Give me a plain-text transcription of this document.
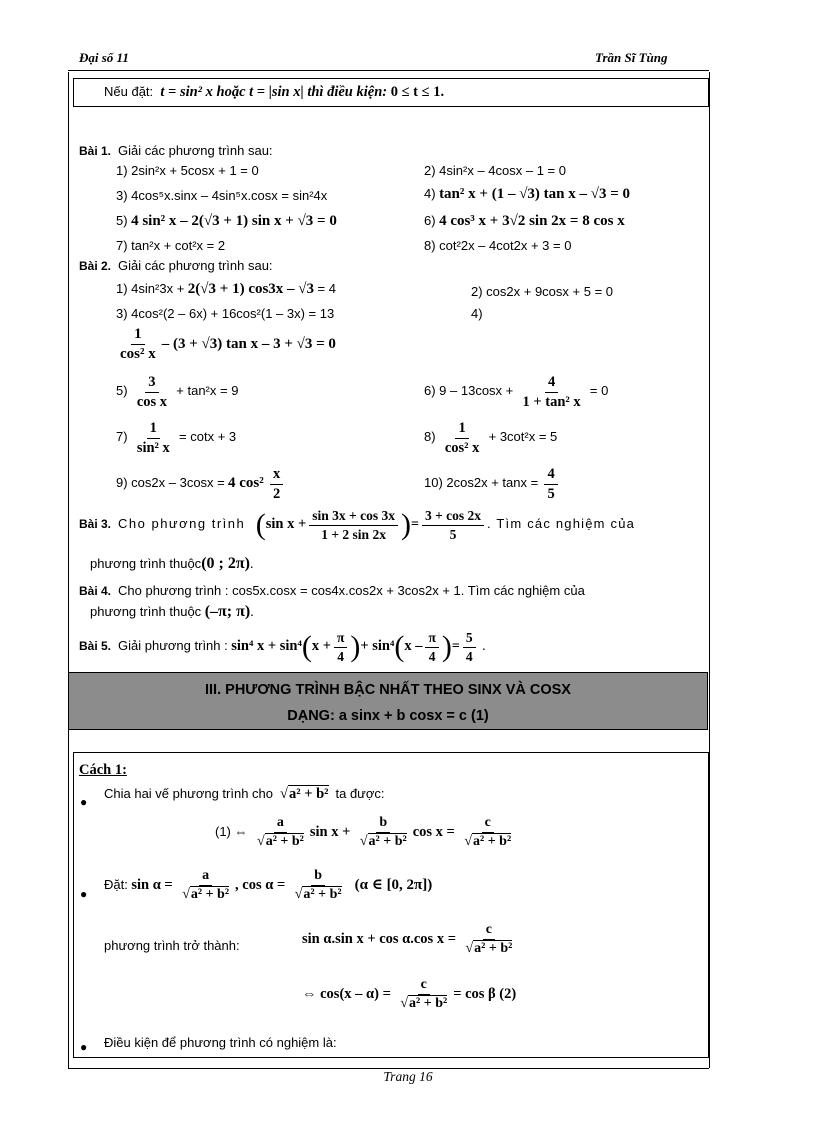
Đại số 11	Trần Sĩ Tùng
Nếu đặt: t = sin² x hoặc t = |sin x| thì điều kiện: 0 ≤ t ≤ 1.
Bài 1. Giải các phương trình sau:
1) 2sin²x + 5cosx + 1 = 0	2) 4sin²x – 4cosx – 1 = 0
3) 4cos⁵x.sinx – 4sin⁵x.cosx = sin²4x	4) tan² x + (1 – √3) tan x – √3 = 0
5) 4 sin² x – 2(√3 + 1) sin x + √3 = 0	6) 4 cos³ x + 3√2 sin 2x = 8 cos x
7) tan²x + cot²x = 2	8) cot²2x – 4cot2x + 3 = 0
Bài 2. Giải các phương trình sau:
1) 4sin²3x + 2(√3 + 1) cos3x – √3 = 4	2) cos2x + 9cosx + 5 = 0
3) 4cos²(2 – 6x) + 16cos²(1 – 3x) = 13	4)
$\frac{1}{\text{cos² x}} - (3 + √3)$ tan x – 3 + √3 = 0
$5) \frac{3}{\text{cos x}} + \tan^2x = 9$	6) $9 - 13\cos x + \frac{4}{\text{1 + tan² x}} = 0$
$7) \frac{1}{\text{sin² x}} = \cot x + 3$	$8) \frac{1}{\text{cos² x}} + 3\cot^2x = 5$
9) cos2x – 3cosx = 4 $\cos^2 \frac{x}{2}$	10) $2\cos 2x + \tan x = \frac{4}{5}$
Bài 3. Cho phương trình (sin $x + \frac{\sin 3x + \cos 3x}{1 + 2 \sin 2x}$ )= $\frac{3 + \cos 2x}{5}$ . Tìm các nghiệm của
phương trình thuộc(0 ; 2π).
Bài 4. Cho phương trình : cos5x.cosx = cos4x.cos2x + 3cos2x + 1. Tìm các nghiệm của
phương trình thuộc (–π; π).
Bài 5. Giải phương trình : sin⁴ $x + \sin^4(x + \frac{\pi}{4}$ )+ $\sin^4(x - \frac{\pi}{4}$ )= $\frac{5}{4}$ .
III. PHƯƠNG TRÌNH BẬC NHẤT THEO SINX VÀ COSX
DẠNG: a sinx + b cosx = c (1)
Cách 1:
●
Chia hai vế phương trình cho √a² + b² ta được:
(1) ⇔ $\frac{a}{\text{√a² + b²}}$ $\sin x + \frac{b}{\text{√a² + b²}}$ $\cos x = \frac{c}{\text{√a² + b²}}$
●
Đặt: $\sin \alpha = \frac{a}{\text{√a² + b²}}$ , $\cos \alpha = \frac{b}{\text{√a² + b²}} (\alpha$ ∈ [0, 2π])
phương trình trở thành:	sin α.sin x + cos α.cos $x = \frac{c}{\text{√a² + b²}}$
⇔ $\cos(x - \alpha) = \frac{c}{\text{√a² + b²}} = \cos \beta$ (2)
● Điều kiện để phương trình có nghiệm là:
Trang 16
